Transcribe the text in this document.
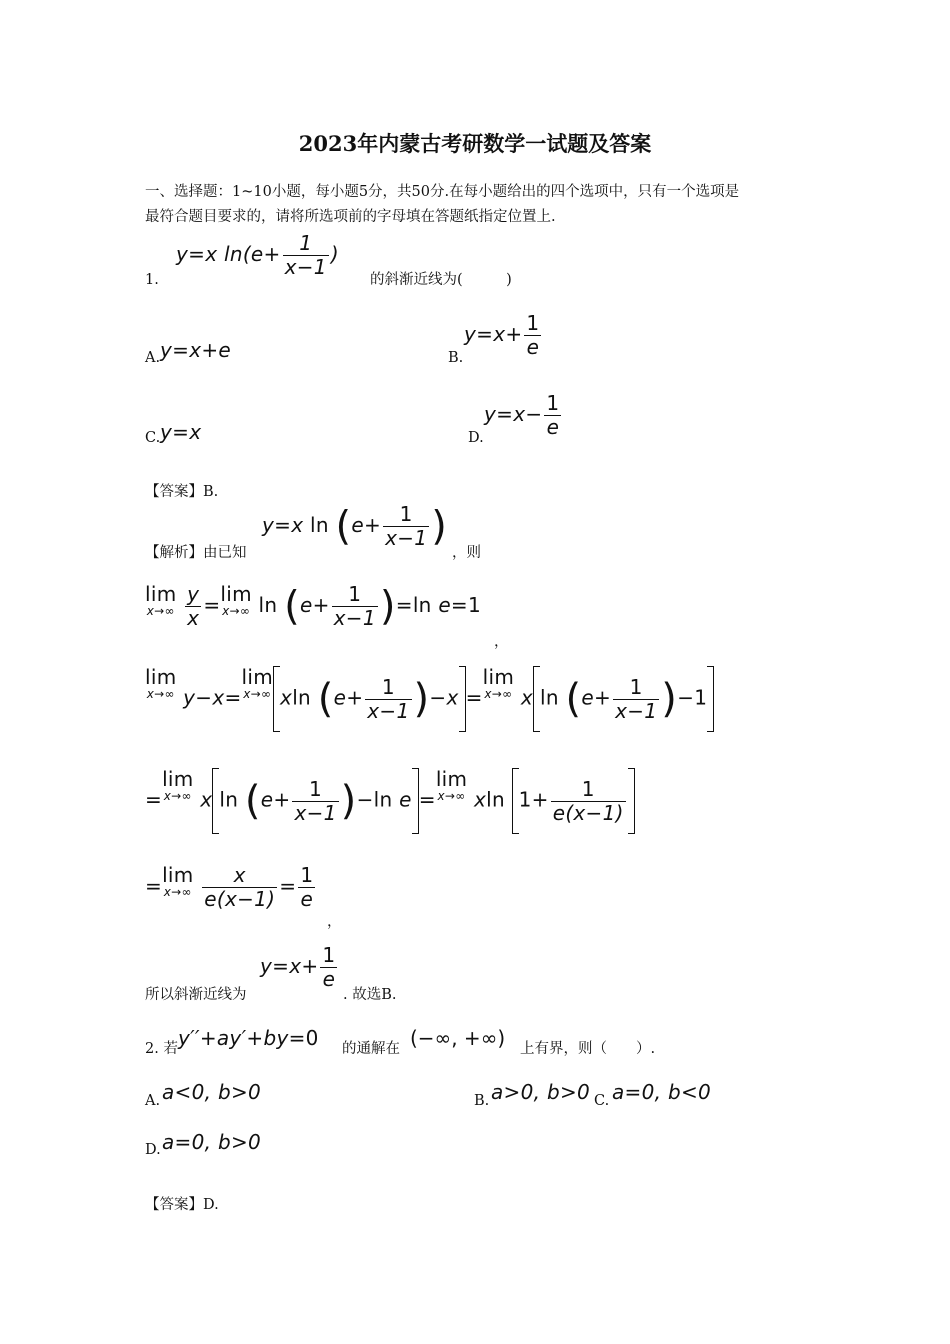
2023年内蒙古考研数学一试题及答案
一、选择题：1~10小题，每小题5分，共50分.在每小题给出的四个选项中，只有一个选项是
最符合题目要求的，请将所选项前的字母填在答题纸指定位置上.
1.
y=x $\ln(e+ \frac{1}{x-1}$ )
的斜渐近线为(　　　)
A. y=x+e	B.
$y=x+ \frac{1}{e}$
C. y=x	D.
$y=x- \frac{1}{e}$
【答案】B.
【解析】由已知
y=x $\ln (e+ \frac{1}{x-1}$ )
，则
lim
x→∞
$\frac{y}{x} = \lim$
x→∞ $\ln (e+ \frac{1}{x-1} )=\ln$ e=1
，
lim
x→∞ y−x=
lim
x→∞ xln $(e+ \frac{1}{x-1} )-x$ =
lim
x→∞ x $\ln (e+ \frac{1}{x-1} )-1$
=
lim
x→∞ x $\ln (e+ \frac{1}{x-1} )-\ln$ e =
lim
x→∞ xln $1+ \frac{1}{e(x-1)}$
= lim
x→∞
$\frac{x}{e(x-1)} = \frac{1}{e}$
，
所以斜渐近线为
$y=x+ \frac{1}{e}$
. 故选B.
2. 若 y′′+ay′+by=0 的通解在 (−∞, +∞) 上有界，则（　　）.
A. a<0, b>0	B. a>0, b>0 C. a=0, b<0
D. a=0, b>0
【答案】D.
